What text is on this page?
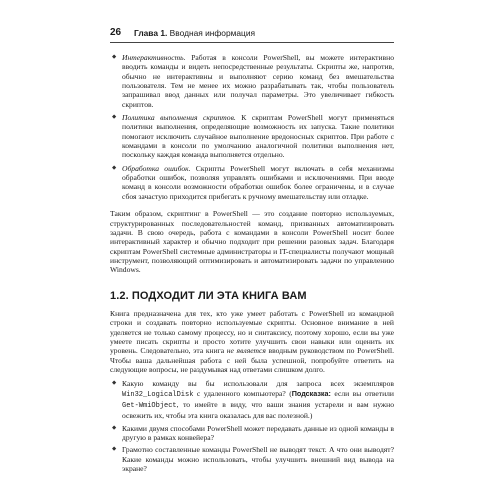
26 Глава 1. Вводная информация
◆ Интерактивность. Работая в консоли PowerShell, вы можете интерактивно вводить команды и видеть непосредственные результаты. Скрипты же, напротив, обычно не интерактивны и выполняют серию команд без вмешательства пользователя. Тем не менее их можно разрабатывать так, чтобы пользователь запрашивал ввод данных или получал параметры. Это увеличивает гибкость скриптов.
◆ Политика выполнения скриптов. К скриптам PowerShell могут применяться политики выполнения, определяющие возможность их запуска. Такие политики помогают исключить случайное выполнение вредоносных скриптов. При работе с командами в консоли по умолчанию аналогичной политики выполнения нет, поскольку каждая команда выполняется отдельно.
◆ Обработка ошибок. Скрипты PowerShell могут включать в себя механизмы обработки ошибок, позволяя управлять ошибками и исключениями. При вводе команд в консоли возможности обработки ошибок более ограничены, и в случае сбоя зачастую приходится прибегать к ручному вмешательству или отладке.

Таким образом, скриптинг в PowerShell — это создание повторно используемых, структурированных последовательностей команд, призванных автоматизировать задачи. В свою очередь, работа с командами в консоли PowerShell носит более интерактивный характер и обычно подходит при решении разовых задач. Благодаря скриптам PowerShell системные администраторы и IT-специалисты получают мощный инструмент, позволяющий оптимизировать и автоматизировать задачи по управлению Windows.

1.2. ПОДХОДИТ ЛИ ЭТА КНИГА ВАМ

Книга предназначена для тех, кто уже умеет работать с PowerShell из командной строки и создавать повторно используемые скрипты. Основное внимание в ней уделяется не только самому процессу, но и синтаксису, поэтому хорошо, если вы уже умеете писать скрипты и просто хотите улучшить свои навыки или оценить их уровень. Следовательно, эта книга не является вводным руководством по PowerShell. Чтобы ваша дальнейшая работа с ней была успешной, попробуйте ответить на следующие вопросы, не раздумывая над ответами слишком долго.

◆ Какую команду вы бы использовали для запроса всех экземпляров Win32_LogicalDisk с удаленного компьютера? (Подсказка: если вы ответили Get-WmiObject, то имейте в виду, что ваши знания устарели и вам нужно освежить их, чтобы эта книга оказалась для вас полезной.)
◆ Какими двумя способами PowerShell может передавать данные из одной команды в другую в рамках конвейера?
◆ Грамотно составленные команды PowerShell не выводят текст. А что они выводят? Какие команды можно использовать, чтобы улучшить внешний вид вывода на экране?
